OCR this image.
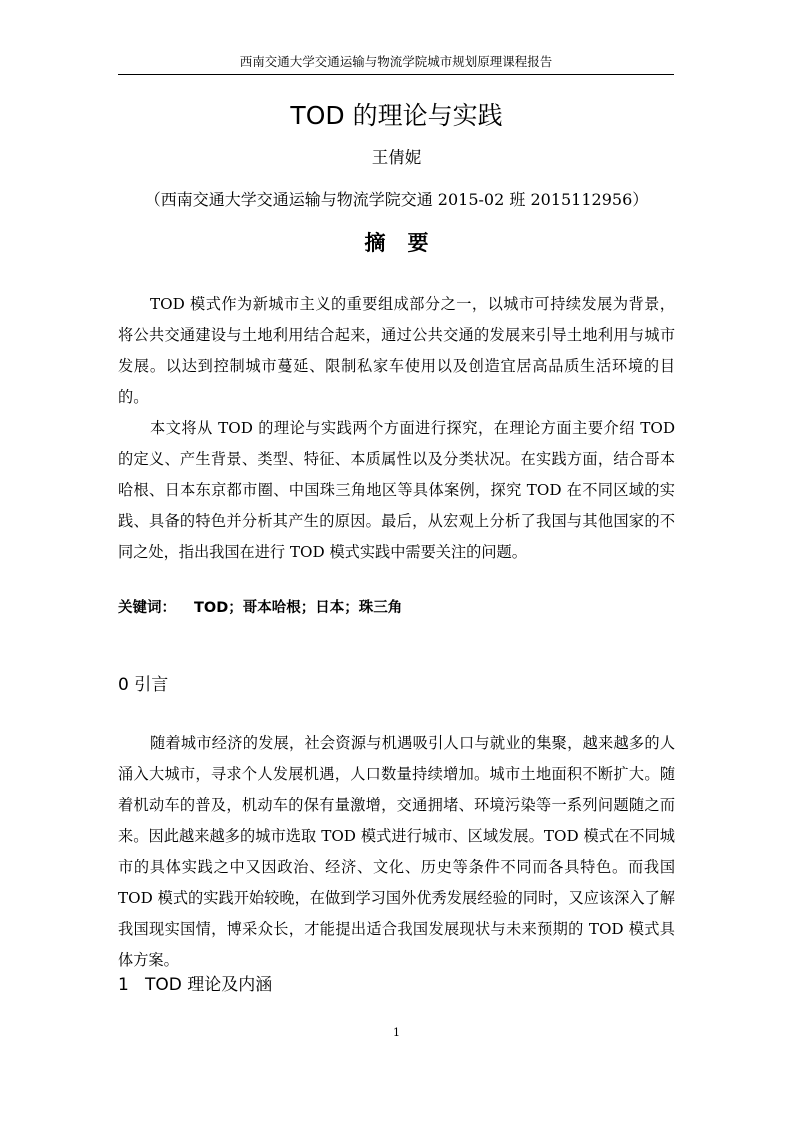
西南交通大学交通运输与物流学院城市规划原理课程报告
TOD 的理论与实践
王倩妮
（西南交通大学交通运输与物流学院交通 2015-02 班 2015112956）
摘要

TOD 模式作为新城市主义的重要组成部分之一，以城市可持续发展为背景，将公共交通建设与土地利用结合起来，通过公共交通的发展来引导土地利用与城市发展。以达到控制城市蔓延、限制私家车使用以及创造宜居高品质生活环境的目的。

本文将从 TOD 的理论与实践两个方面进行探究，在理论方面主要介绍 TOD 的定义、产生背景、类型、特征、本质属性以及分类状况。在实践方面，结合哥本哈根、日本东京都市圈、中国珠三角地区等具体案例，探究 TOD 在不同区域的实践、具备的特色并分析其产生的原因。最后，从宏观上分析了我国与其他国家的不同之处，指出我国在进行 TOD 模式实践中需要关注的问题。

关键词： TOD；哥本哈根；日本；珠三角
0 引言

随着城市经济的发展，社会资源与机遇吸引人口与就业的集聚，越来越多的人涌入大城市，寻求个人发展机遇，人口数量持续增加。城市土地面积不断扩大。随着机动车的普及，机动车的保有量激增，交通拥堵、环境污染等一系列问题随之而来。因此越来越多的城市选取 TOD 模式进行城市、区域发展。TOD 模式在不同城市的具体实践之中又因政治、经济、文化、历史等条件不同而各具特色。而我国 TOD 模式的实践开始较晚，在做到学习国外优秀发展经验的同时，又应该深入了解我国现实国情，博采众长，才能提出适合我国发展现状与未来预期的 TOD 模式具体方案。

1   TOD 理论及内涵
1
